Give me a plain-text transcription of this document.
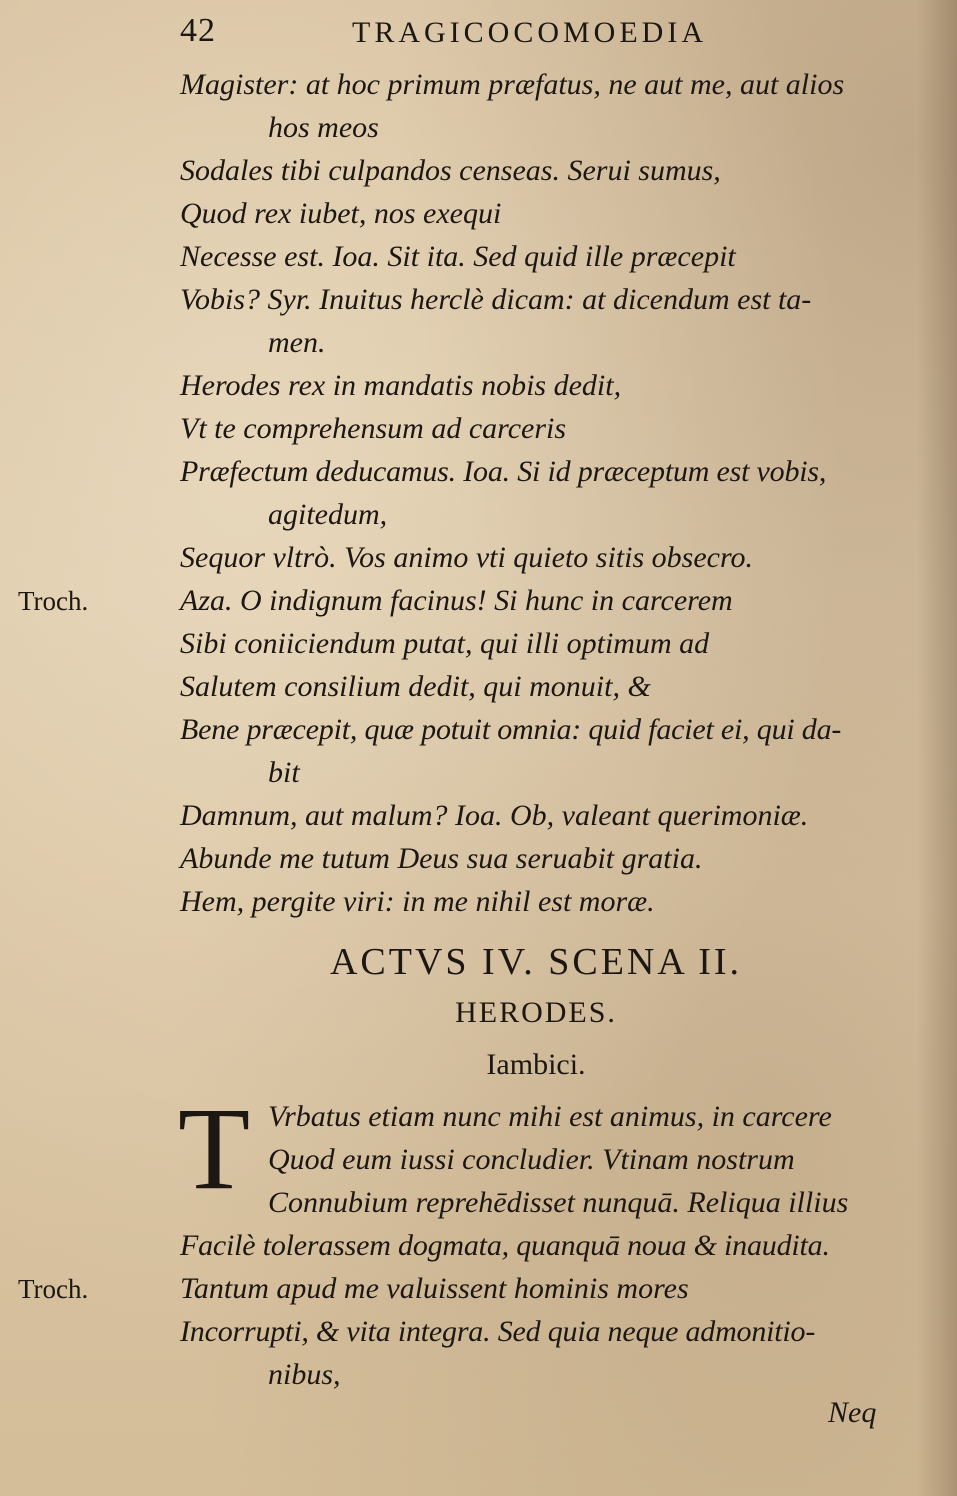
42	TRAGICOCOMOEDIA
Magister: at hoc primum præfatus, ne aut me, aut alios
hos meos
Sodales tibi culpandos censeas. Serui sumus,
Quod rex iubet, nos exequi
Necesse est. Ioa. Sit ita. Sed quid ille præcepit
Vobis? Syr. Inuitus herclè dicam: at dicendum est ta-
men.
Herodes rex in mandatis nobis dedit,
Vt te comprehensum ad carceris
Præfectum deducamus. Ioa. Si id præceptum est vobis,
agitedum,
Sequor vltrò. Vos animo vti quieto sitis obsecro.
Troch.	Aza. O indignum facinus! Si hunc in carcerem
Sibi coniiciendum putat, qui illi optimum ad
Salutem consilium dedit, qui monuit, &
Bene præcepit, quæ potuit omnia: quid faciet ei, qui da-
bit
Damnum, aut malum? Ioa. Ob, valeant querimoniæ.
Abunde me tutum Deus sua seruabit gratia.
Hem, pergite viri: in me nihil est moræ.
ACTVS IV. SCENA II.
HERODES.
Iambici.
T Vrbatus etiam nunc mihi est animus, in carcere
Quod eum iussi concludier. Vtinam nostrum
Connubium reprehēdisset nunquā. Reliqua illius
Facilè tolerassem dogmata, quanquā noua & inaudita.
Troch.	Tantum apud me valuissent hominis mores
Incorrupti, & vita integra. Sed quia neque admonitio-
nibus,
Neq
